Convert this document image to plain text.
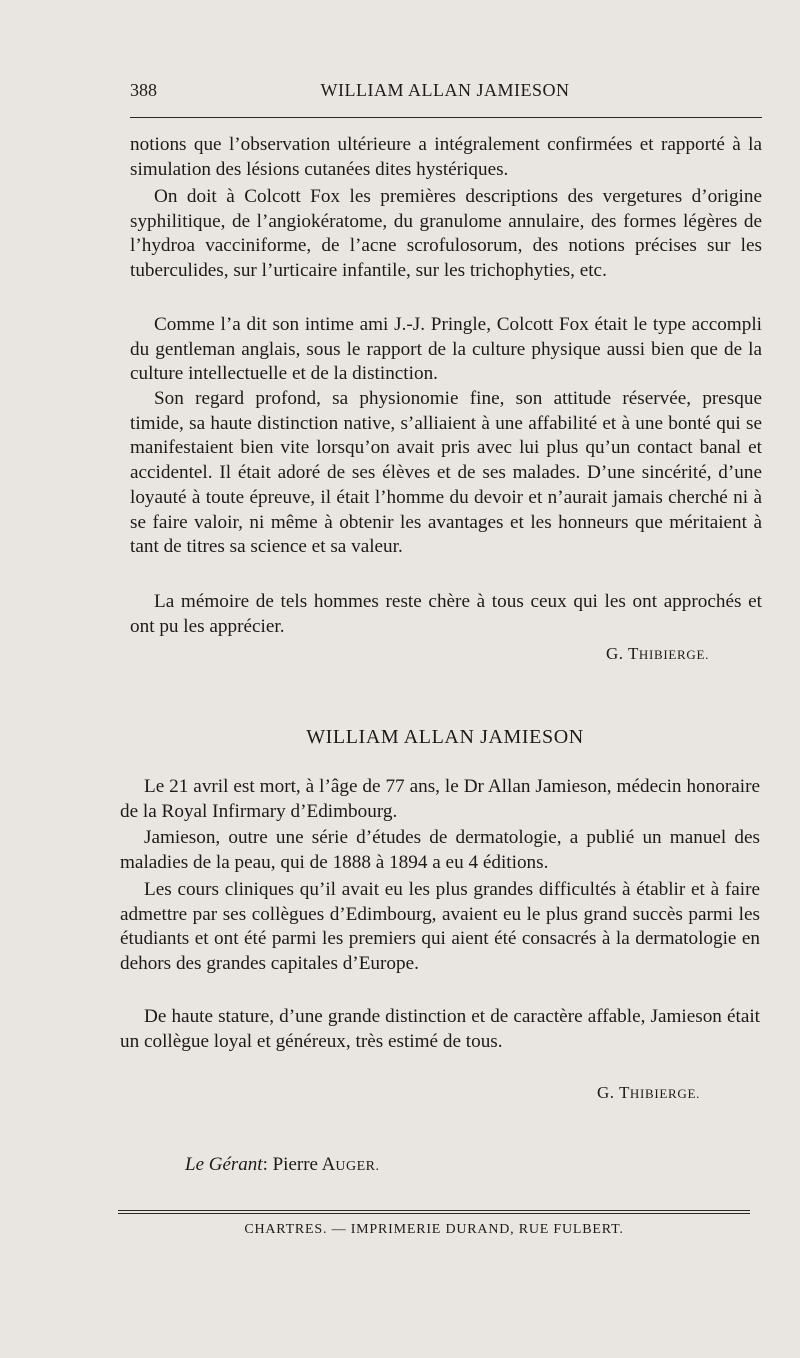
388	WILLIAM ALLAN JAMIESON

notions que l’observation ultérieure a intégralement confirmées et rapporté à la simulation des lésions cutanées dites hystériques.

On doit à Colcott Fox les premières descriptions des vergetures d’origine syphilitique, de l’angiokératome, du granulome annulaire, des formes légères de l’hydroa vacciniforme, de l’acne scrofulosorum, des notions précises sur les tuberculides, sur l’urticaire infantile, sur les trichophyties, etc.

Comme l’a dit son intime ami J.-J. Pringle, Colcott Fox était le type accompli du gentleman anglais, sous le rapport de la culture physique aussi bien que de la culture intellectuelle et de la distinction.

Son regard profond, sa physionomie fine, son attitude réservée, presque timide, sa haute distinction native, s’alliaient à une affabilité et à une bonté qui se manifestaient bien vite lorsqu’on avait pris avec lui plus qu’un contact banal et accidentel. Il était adoré de ses élèves et de ses malades. D’une sincérité, d’une loyauté à toute épreuve, il était l’homme du devoir et n’aurait jamais cherché ni à se faire valoir, ni même à obtenir les avantages et les honneurs que méritaient à tant de titres sa science et sa valeur.

La mémoire de tels hommes reste chère à tous ceux qui les ont approchés et ont pu les apprécier.

G. THIBIERGE.
WILLIAM ALLAN JAMIESON

Le 21 avril est mort, à l’âge de 77 ans, le Dr Allan Jamieson, médecin honoraire de la Royal Infirmary d’Edimbourg.

Jamieson, outre une série d’études de dermatologie, a publié un manuel des maladies de la peau, qui de 1888 à 1894 a eu 4 éditions.

Les cours cliniques qu’il avait eu les plus grandes difficultés à établir et à faire admettre par ses collègues d’Edimbourg, avaient eu le plus grand succès parmi les étudiants et ont été parmi les premiers qui aient été consacrés à la dermatologie en dehors des grandes capitales d’Europe.

De haute stature, d’une grande distinction et de caractère affable, Jamieson était un collègue loyal et généreux, très estimé de tous.

G. THIBIERGE.
Le Gérant: Pierre AUGER.
CHARTRES. — IMPRIMERIE DURAND, RUE FULBERT.
